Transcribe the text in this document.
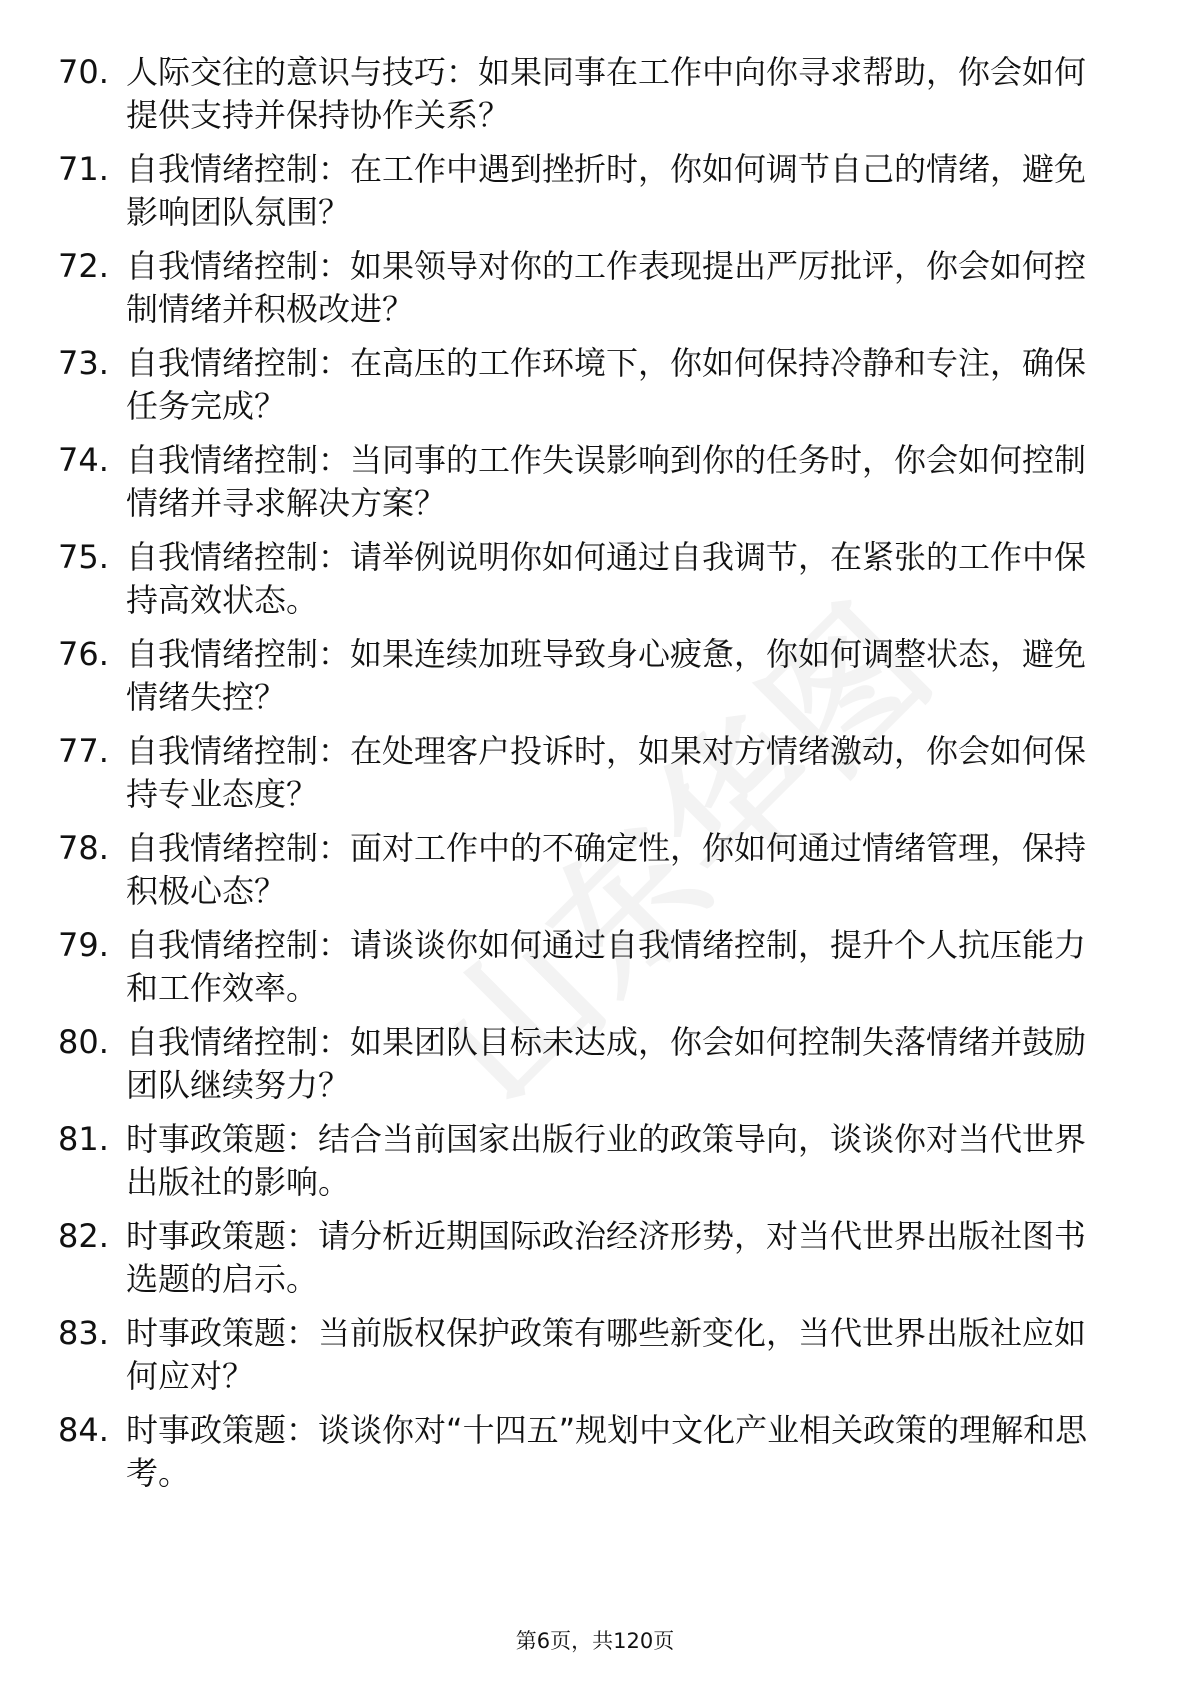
70. 人际交往的意识与技巧：如果同事在工作中向你寻求帮助，你会如何提供支持并保持协作关系？
71. 自我情绪控制：在工作中遇到挫折时，你如何调节自己的情绪，避免影响团队氛围？
72. 自我情绪控制：如果领导对你的工作表现提出严厉批评，你会如何控制情绪并积极改进？
73. 自我情绪控制：在高压的工作环境下，你如何保持冷静和专注，确保任务完成？
74. 自我情绪控制：当同事的工作失误影响到你的任务时，你会如何控制情绪并寻求解决方案？
75. 自我情绪控制：请举例说明你如何通过自我调节，在紧张的工作中保持高效状态。
76. 自我情绪控制：如果连续加班导致身心疲惫，你如何调整状态，避免情绪失控？
77. 自我情绪控制：在处理客户投诉时，如果对方情绪激动，你会如何保持专业态度？
78. 自我情绪控制：面对工作中的不确定性，你如何通过情绪管理，保持积极心态？
79. 自我情绪控制：请谈谈你如何通过自我情绪控制，提升个人抗压能力和工作效率。
80. 自我情绪控制：如果团队目标未达成，你会如何控制失落情绪并鼓励团队继续努力？
81. 时事政策题：结合当前国家出版行业的政策导向，谈谈你对当代世界出版社的影响。
82. 时事政策题：请分析近期国际政治经济形势，对当代世界出版社图书选题的启示。
83. 时事政策题：当前版权保护政策有哪些新变化，当代世界出版社应如何应对？
84. 时事政策题：谈谈你对“十四五”规划中文化产业相关政策的理解和思考。
第6页，共120页
